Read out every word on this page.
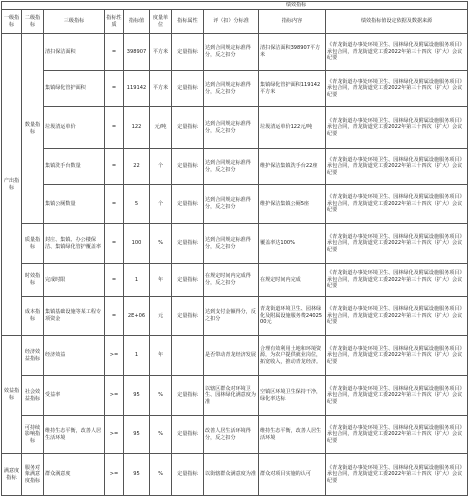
绩效指标									
一级指标	二级指标	三级指标	指标性质	指标值	度量单位	指标属性	评（扣）分标准	指标内容	绩效指标值设定依据及数据来源
产出指标	数量指标	清扫保洁面积	=	398907	平方米	定量指标	达到合同规定标准得分，反之扣分	清扫保洁面积398907平方米	《青龙街道办事处环境卫生、园林绿化及附属设施服务项目》承包合同，青龙街道党工委2022年第三十四次（扩大）会议纪要
		集镇绿化管护面积	=	119142	平方米	定量指标	达到合同规定标准得分，反之扣分	集镇绿化管护面积119142平方米	《青龙街道办事处环境卫生、园林绿化及附属设施服务项目》承包合同，青龙街道党工委2022年第三十四次（扩大）会议纪要
		垃圾清运单价	=	122	元/吨	定量指标	达到合同规定标准得分，反之扣分	垃圾清运单价122元/吨	《青龙街道办事处环境卫生、园林绿化及附属设施服务项目》承包合同，青龙街道党工委2022年第三十四次（扩大）会议纪要
		集镇洗手台数量	=	22	个	定量指标	达到合同规定标准得分，反之扣分	维护保洁集镇洗手台22座	《青龙街道办事处环境卫生、园林绿化及附属设施服务项目》承包合同，青龙街道党工委2022年第三十四次（扩大）会议纪要
		集镇公厕数量	=	5	个	定量指标	达到合同规定标准得分，反之扣分	维护保洁集镇公厕5座	《青龙街道办事处环境卫生、园林绿化及附属设施服务项目》承包合同，青龙街道党工委2022年第三十四次（扩大）会议纪要
	质量指标	封庄、集镇、办公楼保洁、集镇绿化管护覆盖率	=	100	%	定量指标	达到合同规定标准得分，反之扣分	覆盖率达100%	《青龙街道办事处环境卫生、园林绿化及附属设施服务项目》承包合同，青龙街道党工委2022年第三十四次（扩大）会议纪要
	时效指标	完成时限	=	1	年	定量指标	在规定时间内完成得分，反之扣分	在规定时间内完成	《青龙街道办事处环境卫生、园林绿化及附属设施服务项目》承包合同，青龙街道党工委2022年第三十四次（扩大）会议纪要
	成本指标	集镇基础设施等某工程专项资金	=	2E+06	元	定量指标	达到支付金额得分，反之扣分	青龙街道环境卫生、园林绿化及附属设施服务费2402500元	《青龙街道办事处环境卫生、园林绿化及附属设施服务项目》承包合同，青龙街道党工委2022年第三十四次（扩大）会议纪要
效益指标	经济效益指标	经济效益	>=	1	年		是否带动青龙经济发展	合理有效利用土地和环境资源，为农户提供就业岗位，拓宽收入，推动青龙经济。	《青龙街道办事处环境卫生、园林绿化及附属设施服务项目》承包合同，青龙街道党工委2022年第三十四次（扩大）会议纪要
	社会效益指标	受益率	>=	95	%	定量指标	以辖区群众对环境卫生、园林绿化满意度为准	空镇区环境卫生保持干净，绿化率达标	《青龙街道办事处环境卫生、园林绿化及附属设施服务项目》承包合同，青龙街道党工委2022年第三十四次（扩大）会议纪要
	可持续影响指标	维持生态平衡，改善人居生活环境	>=	95	%	定量指标	改善人居生活环境得分，反之扣分	维持生态平衡，改善人居生活环境	《青龙街道办事处环境卫生、园林绿化及附属设施服务项目》承包合同，青龙街道党工委2022年第三十四次（扩大）会议纪要
满意度指标	服务对象满意度指标	群众满意度	>=	95	%	定量指标	以街辖群众满意度为准	群众对项目实施的认可	《青龙街道办事处环境卫生、园林绿化及附属设施服务项目》承包合同，青龙街道党工委2022年第三十四次（扩大）会议纪要
